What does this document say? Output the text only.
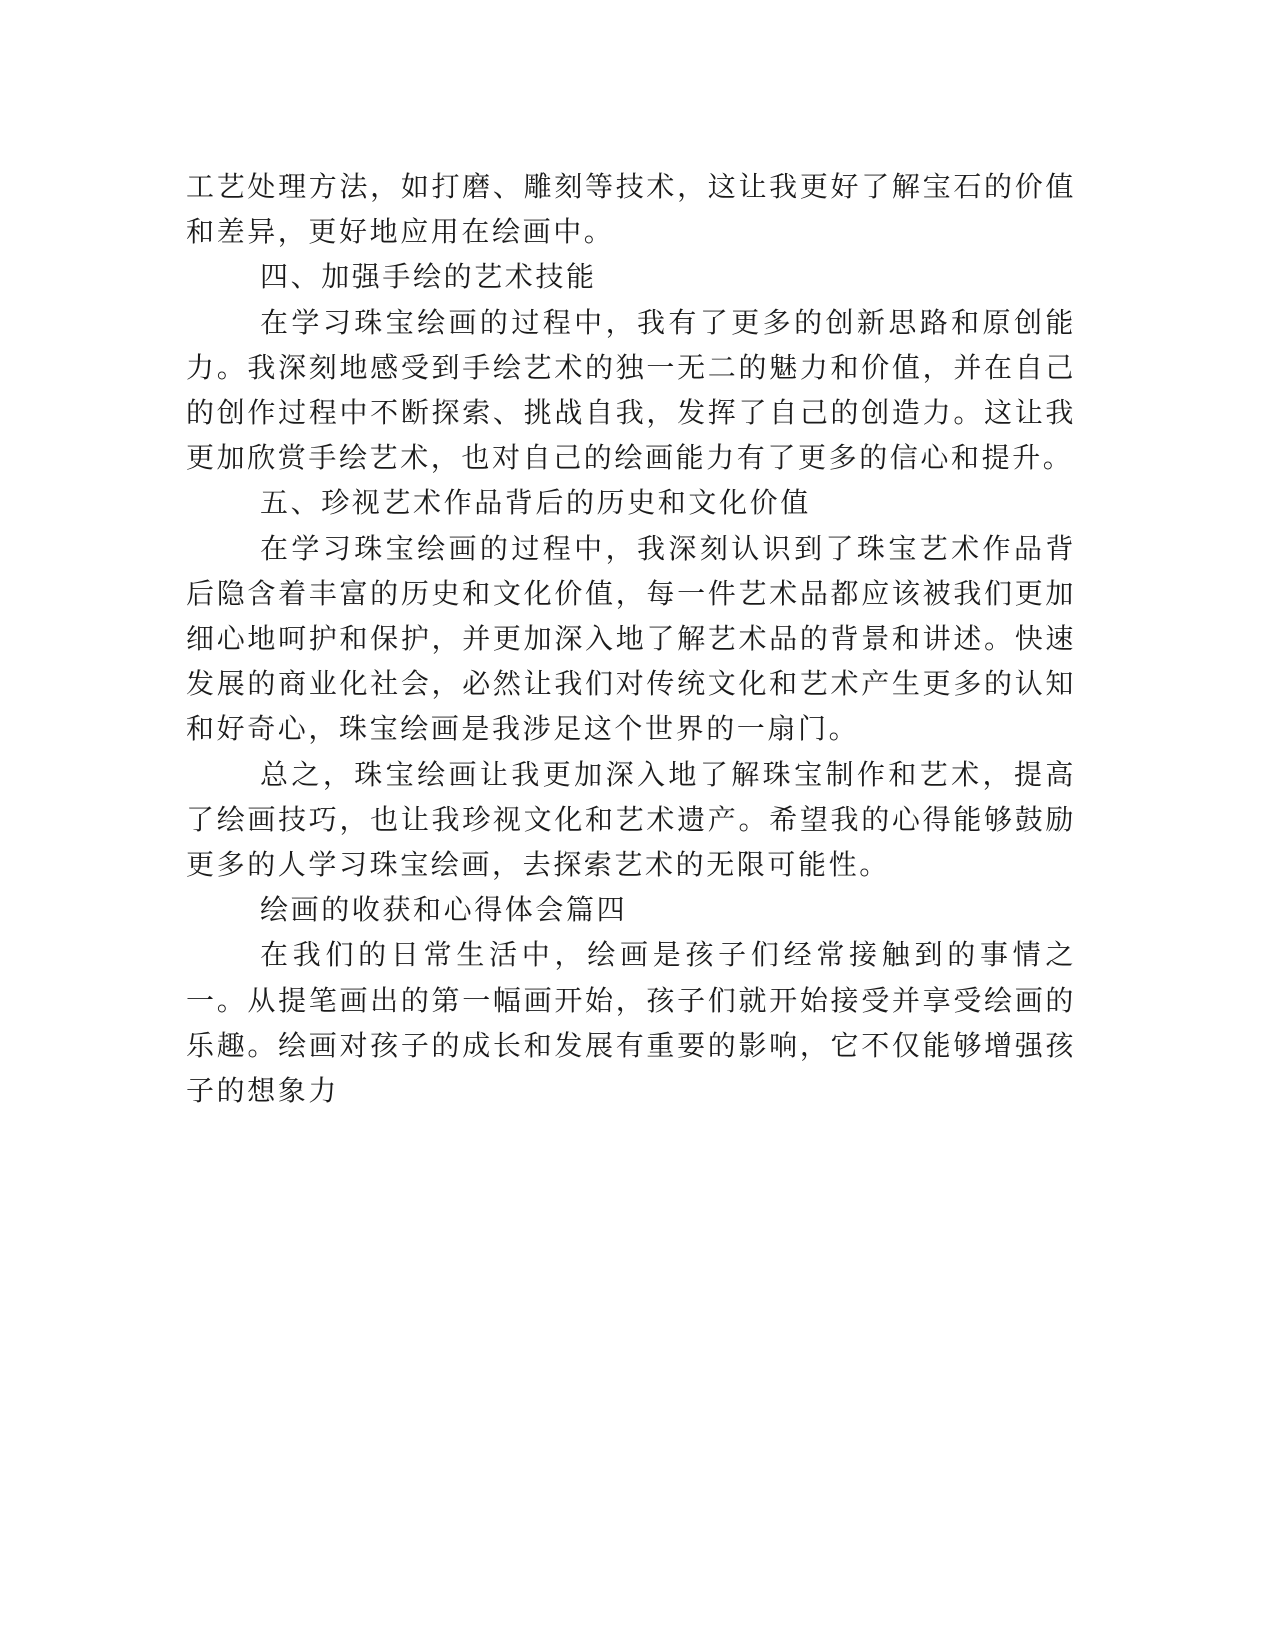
工艺处理方法，如打磨、雕刻等技术，这让我更好了解宝石的价值和差异，更好地应用在绘画中。

四、加强手绘的艺术技能

在学习珠宝绘画的过程中，我有了更多的创新思路和原创能力。我深刻地感受到手绘艺术的独一无二的魅力和价值，并在自己的创作过程中不断探索、挑战自我，发挥了自己的创造力。这让我更加欣赏手绘艺术，也对自己的绘画能力有了更多的信心和提升。

五、珍视艺术作品背后的历史和文化价值

在学习珠宝绘画的过程中，我深刻认识到了珠宝艺术作品背后隐含着丰富的历史和文化价值，每一件艺术品都应该被我们更加细心地呵护和保护，并更加深入地了解艺术品的背景和讲述。快速发展的商业化社会，必然让我们对传统文化和艺术产生更多的认知和好奇心，珠宝绘画是我涉足这个世界的一扇门。

总之，珠宝绘画让我更加深入地了解珠宝制作和艺术，提高了绘画技巧，也让我珍视文化和艺术遗产。希望我的心得能够鼓励更多的人学习珠宝绘画，去探索艺术的无限可能性。

绘画的收获和心得体会篇四

在我们的日常生活中，绘画是孩子们经常接触到的事情之一。从提笔画出的第一幅画开始，孩子们就开始接受并享受绘画的乐趣。绘画对孩子的成长和发展有重要的影响，它不仅能够增强孩子的想象力
